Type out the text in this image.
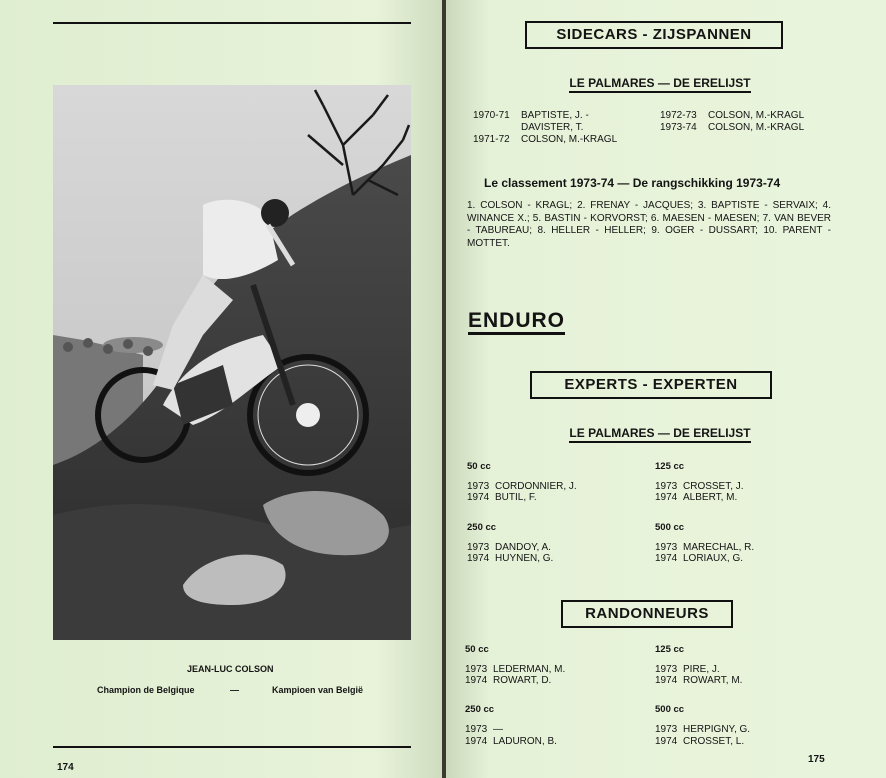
JEAN-LUC COLSON
Champion de Belgique	—	Kampioen van België
174
SIDECARS - ZIJSPANNEN
LE PALMARES — DE ERELIJST
1970-71 BAPTISTE, J. -
DAVISTER, T.
1971-72 COLSON, M.-KRAGL
1972-73 COLSON, M.-KRAGL
1973-74 COLSON, M.-KRAGL
Le classement 1973-74 — De rangschikking 1973-74
1. COLSON - KRAGL; 2. FRENAY - JACQUES; 3. BAPTISTE - SERVAIX; 4. WINANCE X.; 5. BASTIN - KORVORST; 6. MAESEN - MAESEN; 7. VAN BEVER - TABUREAU; 8. HELLER - HELLER; 9. OGER - DUSSART; 10. PARENT - MOTTET.
ENDURO
EXPERTS - EXPERTEN
LE PALMARES — DE ERELIJST
50 cc
1973 CORDONNIER, J.
1974 BUTIL, F.
125 cc
1973 CROSSET, J.
1974 ALBERT, M.
250 cc
1973 DANDOY, A.
1974 HUYNEN, G.
500 cc
1973 MARECHAL, R.
1974 LORIAUX, G.
RANDONNEURS
50 cc
1973 LEDERMAN, M.
1974 ROWART, D.
125 cc
1973 PIRE, J.
1974 ROWART, M.
250 cc
1973 —
1974 LADURON, B.
500 cc
1973 HERPIGNY, G.
1974 CROSSET, L.
175
